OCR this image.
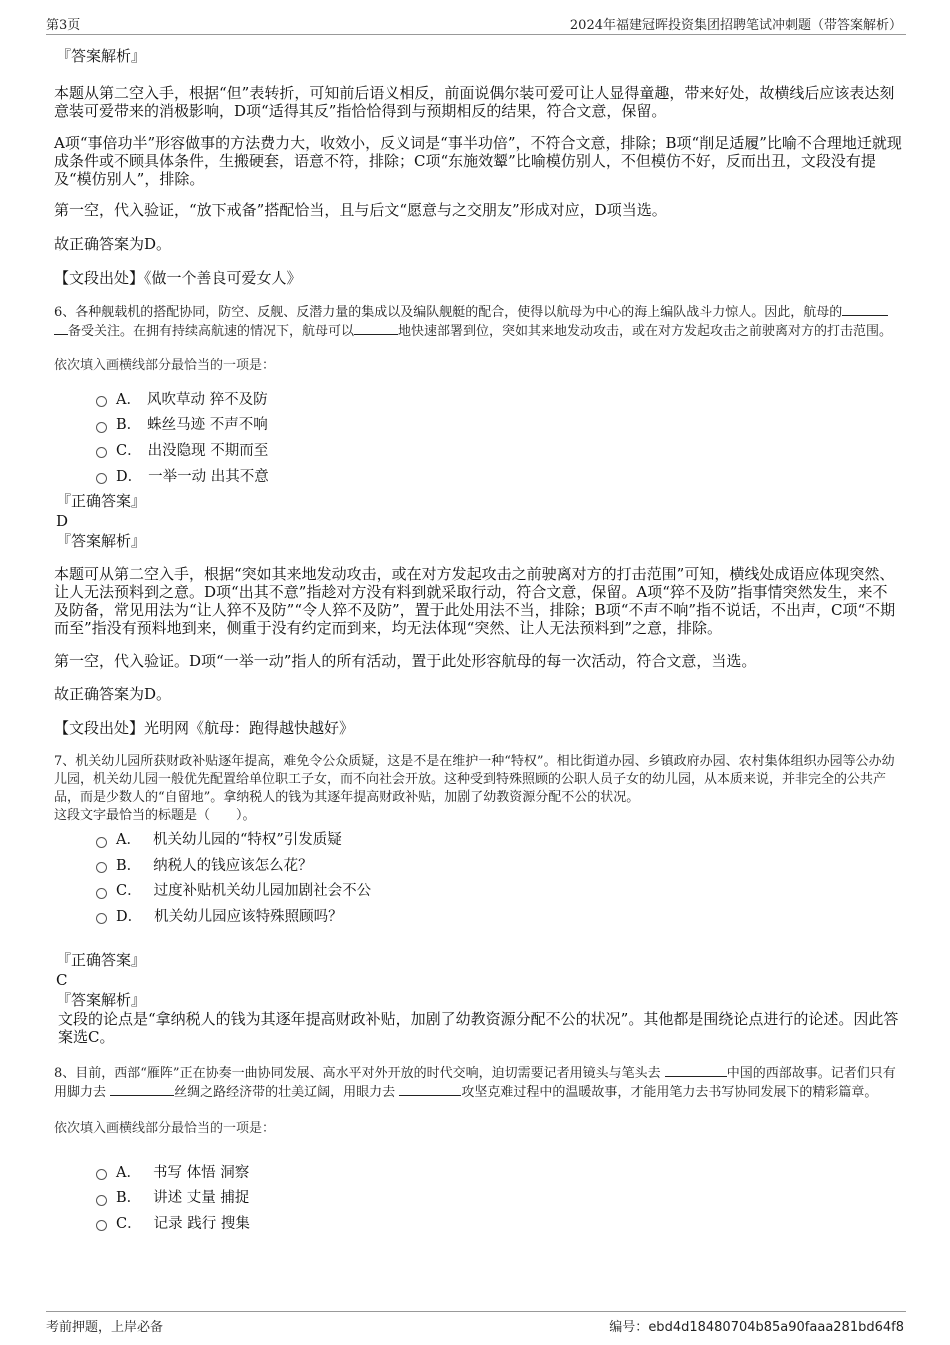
第3页	2024年福建冠晖投资集团招聘笔试冲刺题（带答案解析）
『答案解析』

本题从第二空入手，根据“但”表转折，可知前后语义相反，前面说偶尔装可爱可让人显得童趣，带来好处，故横线后应该表达刻意装可爱带来的消极影响，D项“适得其反”指恰恰得到与预期相反的结果，符合文意，保留。

A项“事倍功半”形容做事的方法费力大，收效小，反义词是“事半功倍”，不符合文意，排除；B项“削足适履”比喻不合理地迁就现成条件或不顾具体条件，生搬硬套，语意不符，排除；C项“东施效颦”比喻模仿别人，不但模仿不好，反而出丑，文段没有提及“模仿别人”，排除。

第一空，代入验证，“放下戒备”搭配恰当，且与后文“愿意与之交朋友”形成对应，D项当选。

故正确答案为D。

【文段出处】《做一个善良可爱女人》

6、各种舰载机的搭配协同，防空、反舰、反潜力量的集成以及编队舰艇的配合，使得以航母为中心的海上编队战斗力惊人。因此，航母的备受关注。在拥有持续高航速的情况下，航母可以	地快速部署到位，突如其来地发动攻击，或在对方发起攻击之前驶离对方的打击范围。

依次填入画横线部分最恰当的一项是：

A． 风吹草动 猝不及防
B． 蛛丝马迹 不声不响
C． 出没隐现 不期而至
D． 一举一动 出其不意
『正确答案』
D
『答案解析』

本题可从第二空入手，根据“突如其来地发动攻击，或在对方发起攻击之前驶离对方的打击范围”可知，横线处成语应体现突然、让人无法预料到之意。D项“出其不意”指趁对方没有料到就采取行动，符合文意，保留。A项“猝不及防”指事情突然发生，来不及防备，常见用法为“让人猝不及防”“令人猝不及防”，置于此处用法不当，排除；B项“不声不响”指不说话，不出声，C项“不期而至”指没有预料地到来，侧重于没有约定而到来，均无法体现“突然、让人无法预料到”之意，排除。

第一空，代入验证。D项“一举一动”指人的所有活动，置于此处形容航母的每一次活动，符合文意，当选。

故正确答案为D。

【文段出处】光明网《航母：跑得越快越好》

7、机关幼儿园所获财政补贴逐年提高，难免令公众质疑，这是不是在维护一种“特权”。相比街道办园、乡镇政府办园、农村集体组织办园等公办幼儿园，机关幼儿园一般优先配置给单位职工子女，而不向社会开放。这种受到特殊照顾的公职人员子女的幼儿园，从本质来说，并非完全的公共产品，而是少数人的“自留地”。拿纳税人的钱为其逐年提高财政补贴，加剧了幼教资源分配不公的状况。

这段文字最恰当的标题是（　　）。

A． 机关幼儿园的“特权”引发质疑
B． 纳税人的钱应该怎么花？
C． 过度补贴机关幼儿园加剧社会不公
D． 机关幼儿园应该特殊照顾吗？
『正确答案』
C
『答案解析』

文段的论点是“拿纳税人的钱为其逐年提高财政补贴，加剧了幼教资源分配不公的状况”。其他都是围绕论点进行的论述。因此答案选C。

8、目前，西部“雁阵”正在协奏一曲协同发展、高水平对外开放的时代交响，迫切需要记者用镜头与笔头去	中国的西部故事。记者们只有用脚力去	丝绸之路经济带的壮美辽阔，用眼力去	攻坚克难过程中的温暖故事，才能用笔力去书写协同发展下的精彩篇章。

依次填入画横线部分最恰当的一项是：

A． 书写 体悟 洞察
B． 讲述 丈量 捕捉
C． 记录 践行 搜集
考前押题，上岸必备	编号：ebd4d18480704b85a90faaa281bd64f8
